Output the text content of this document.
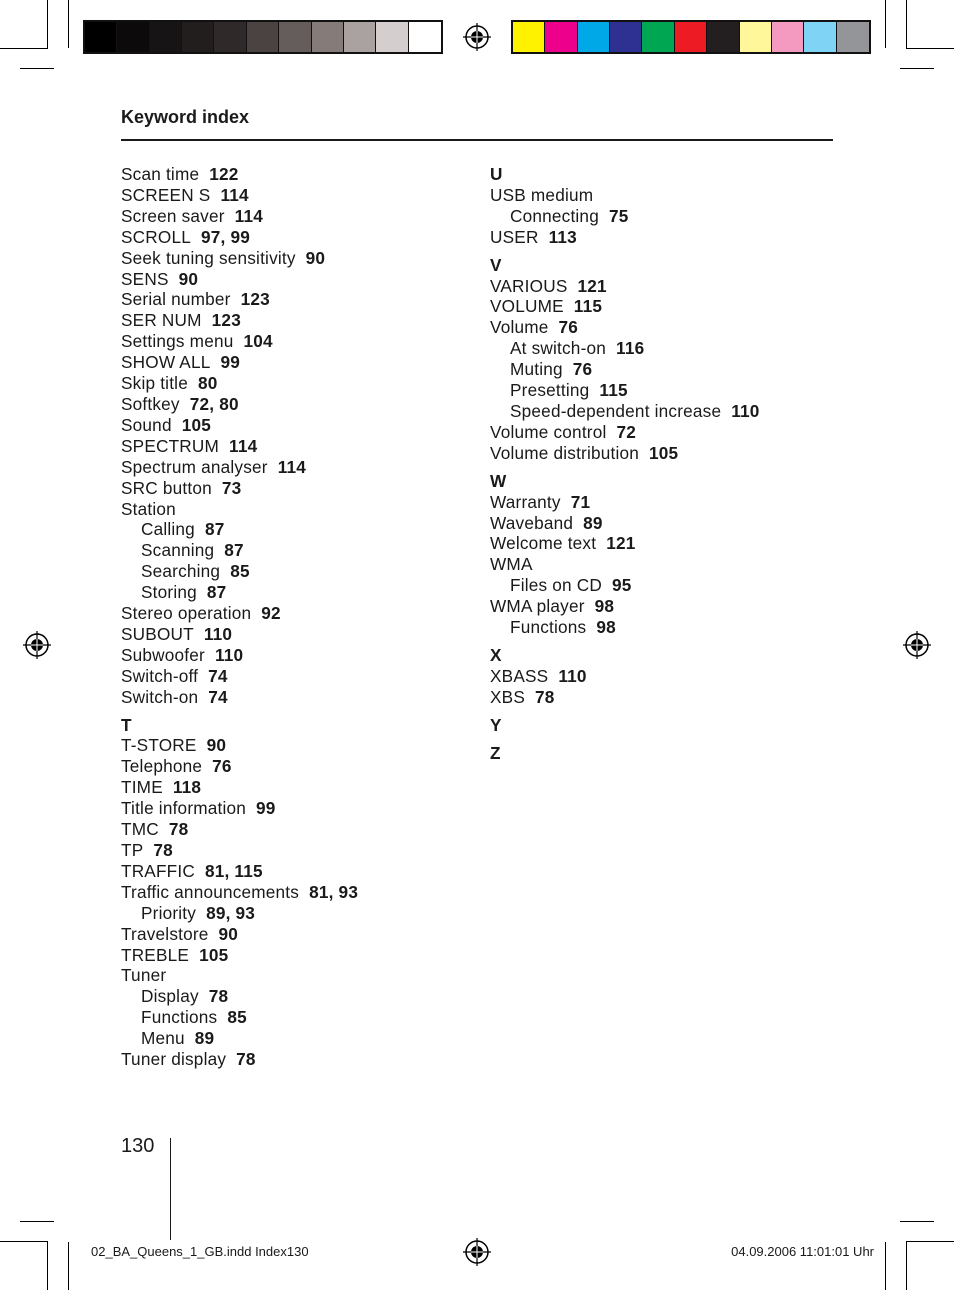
Keyword index
Scan time 122
SCREEN S 114
Screen saver 114
SCROLL 97, 99
Seek tuning sensitivity 90
SENS 90
Serial number 123
SER NUM 123
Settings menu 104
SHOW ALL 99
Skip title 80
Softkey 72, 80
Sound 105
SPECTRUM 114
Spectrum analyser 114
SRC button 73
Station
Calling 87
Scanning 87
Searching 85
Storing 87
Stereo operation 92
SUBOUT 110
Subwoofer 110
Switch-off 74
Switch-on 74
T
T-STORE 90
Telephone 76
TIME 118
Title information 99
TMC 78
TP 78
TRAFFIC 81, 115
Traffic announcements 81, 93
Priority 89, 93
Travelstore 90
TREBLE 105
Tuner
Display 78
Functions 85
Menu 89
Tuner display 78
U
USB medium
Connecting 75
USER 113
V
VARIOUS 121
VOLUME 115
Volume 76
At switch-on 116
Muting 76
Presetting 115
Speed-dependent increase 110
Volume control 72
Volume distribution 105
W
Warranty 71
Waveband 89
Welcome text 121
WMA
Files on CD 95
WMA player 98
Functions 98
X
XBASS 110
XBS 78
Y
Z
130
02_BA_Queens_1_GB.indd Index130	04.09.2006 11:01:01 Uhr
